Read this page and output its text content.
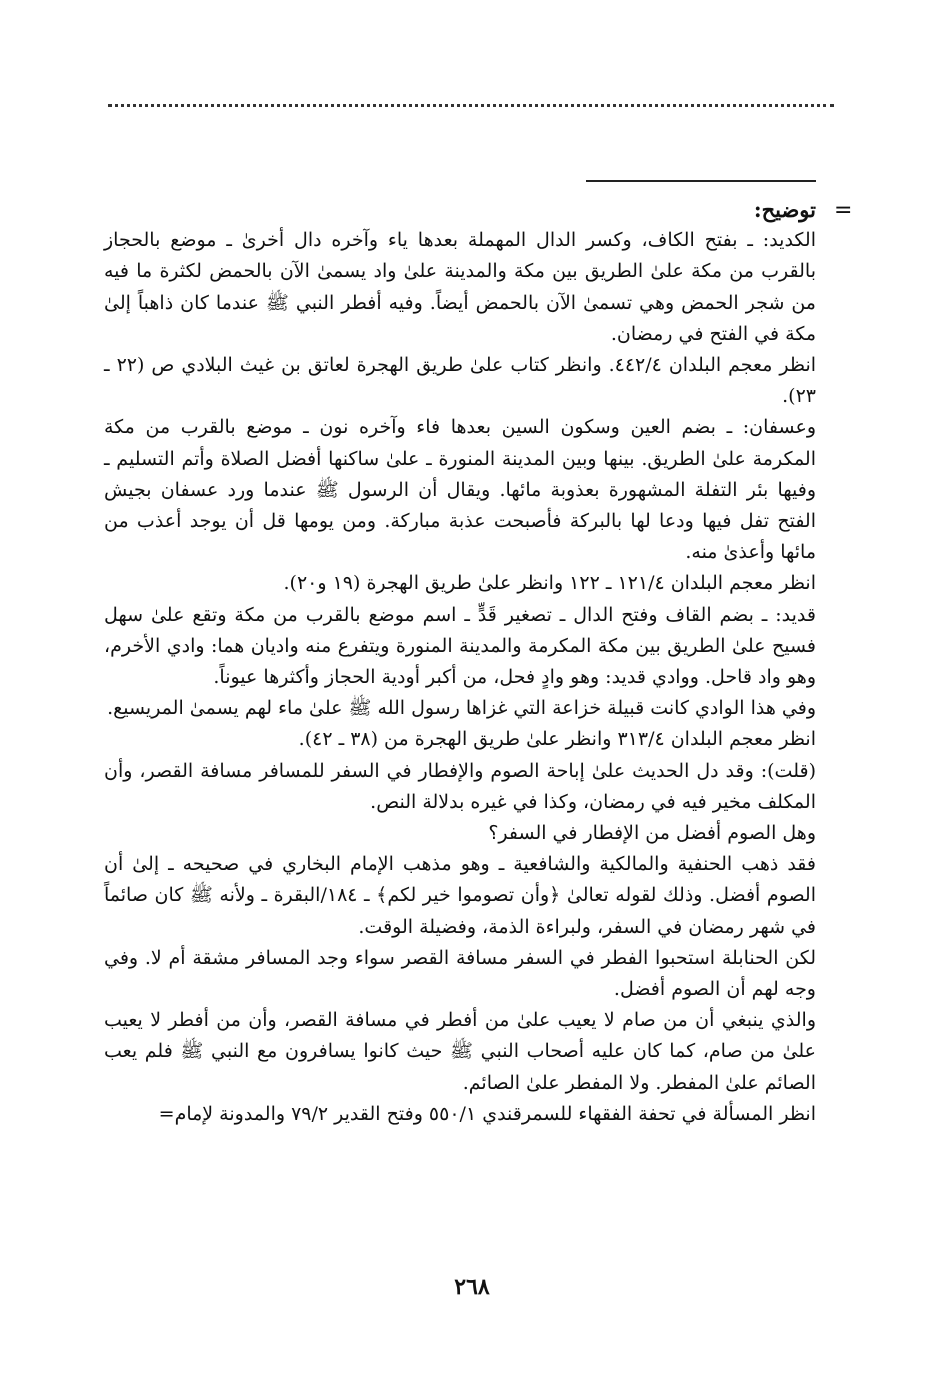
=

توضيح:

الكديد: ـ بفتح الكاف، وكسر الدال المهملة بعدها ياء وآخره دال أخرىٰ ـ موضع بالحجاز بالقرب من مكة علىٰ الطريق بين مكة والمدينة علىٰ واد يسمىٰ الآن بالحمض لكثرة ما فيه من شجر الحمض وهي تسمىٰ الآن بالحمض أيضاً. وفيه أفطر النبي ﷺ عندما كان ذاهباً إلىٰ مكة في الفتح في رمضان.

انظر معجم البلدان ٤٤٢/٤. وانظر كتاب علىٰ طريق الهجرة لعاتق بن غيث البلادي ص (٢٢ ـ ٢٣).

وعسفان: ـ بضم العين وسكون السين بعدها فاء وآخره نون ـ موضع بالقرب من مكة المكرمة علىٰ الطريق. بينها وبين المدينة المنورة ـ علىٰ ساكنها أفضل الصلاة وأتم التسليم ـ وفيها بئر التفلة المشهورة بعذوبة مائها. ويقال أن الرسول ﷺ عندما ورد عسفان بجيش الفتح تفل فيها ودعا لها بالبركة فأصبحت عذبة مباركة. ومن يومها قل أن يوجد أعذب من مائها وأعذىٰ منه.

انظر معجم البلدان ١٢١/٤ ـ ١٢٢ وانظر علىٰ طريق الهجرة (١٩ و٢٠).

قديد: ـ بضم القاف وفتح الدال ـ تصغير قَدٍّ ـ اسم موضع بالقرب من مكة وتقع علىٰ سهل فسيح علىٰ الطريق بين مكة المكرمة والمدينة المنورة ويتفرع منه واديان هما: وادي الأخرم، وهو واد قاحل. ووادي قديد: وهو وادٍ فحل، من أكبر أودية الحجاز وأكثرها عيوناً.

وفي هذا الوادي كانت قبيلة خزاعة التي غزاها رسول الله ﷺ علىٰ ماء لهم يسمىٰ المريسيع.

انظر معجم البلدان ٣١٣/٤ وانظر علىٰ طريق الهجرة من (٣٨ ـ ٤٢).

(قلت): وقد دل الحديث علىٰ إباحة الصوم والإفطار في السفر للمسافر مسافة القصر، وأن المكلف مخير فيه في رمضان، وكذا في غيره بدلالة النص.

وهل الصوم أفضل من الإفطار في السفر؟

فقد ذهب الحنفية والمالكية والشافعية ـ وهو مذهب الإمام البخاري في صحيحه ـ إلىٰ أن الصوم أفضل. وذلك لقوله تعالىٰ ﴿وأن تصوموا خير لكم﴾ ـ ١٨٤/البقرة ـ ولأنه ﷺ كان صائماً في شهر رمضان في السفر، ولبراءة الذمة، وفضيلة الوقت.

لكن الحنابلة استحبوا الفطر في السفر مسافة القصر سواء وجد المسافر مشقة أم لا. وفي وجه لهم أن الصوم أفضل.

والذي ينبغي أن من صام لا يعيب علىٰ من أفطر في مسافة القصر، وأن من أفطر لا يعيب علىٰ من صام، كما كان عليه أصحاب النبي ﷺ حيث كانوا يسافرون مع النبي ﷺ فلم يعب الصائم علىٰ المفطر. ولا المفطر علىٰ الصائم.

انظر المسألة في تحفة الفقهاء للسمرقندي ٥٥٠/١ وفتح القدير ٧٩/٢ والمدونة لإمام=

٢٦٨
